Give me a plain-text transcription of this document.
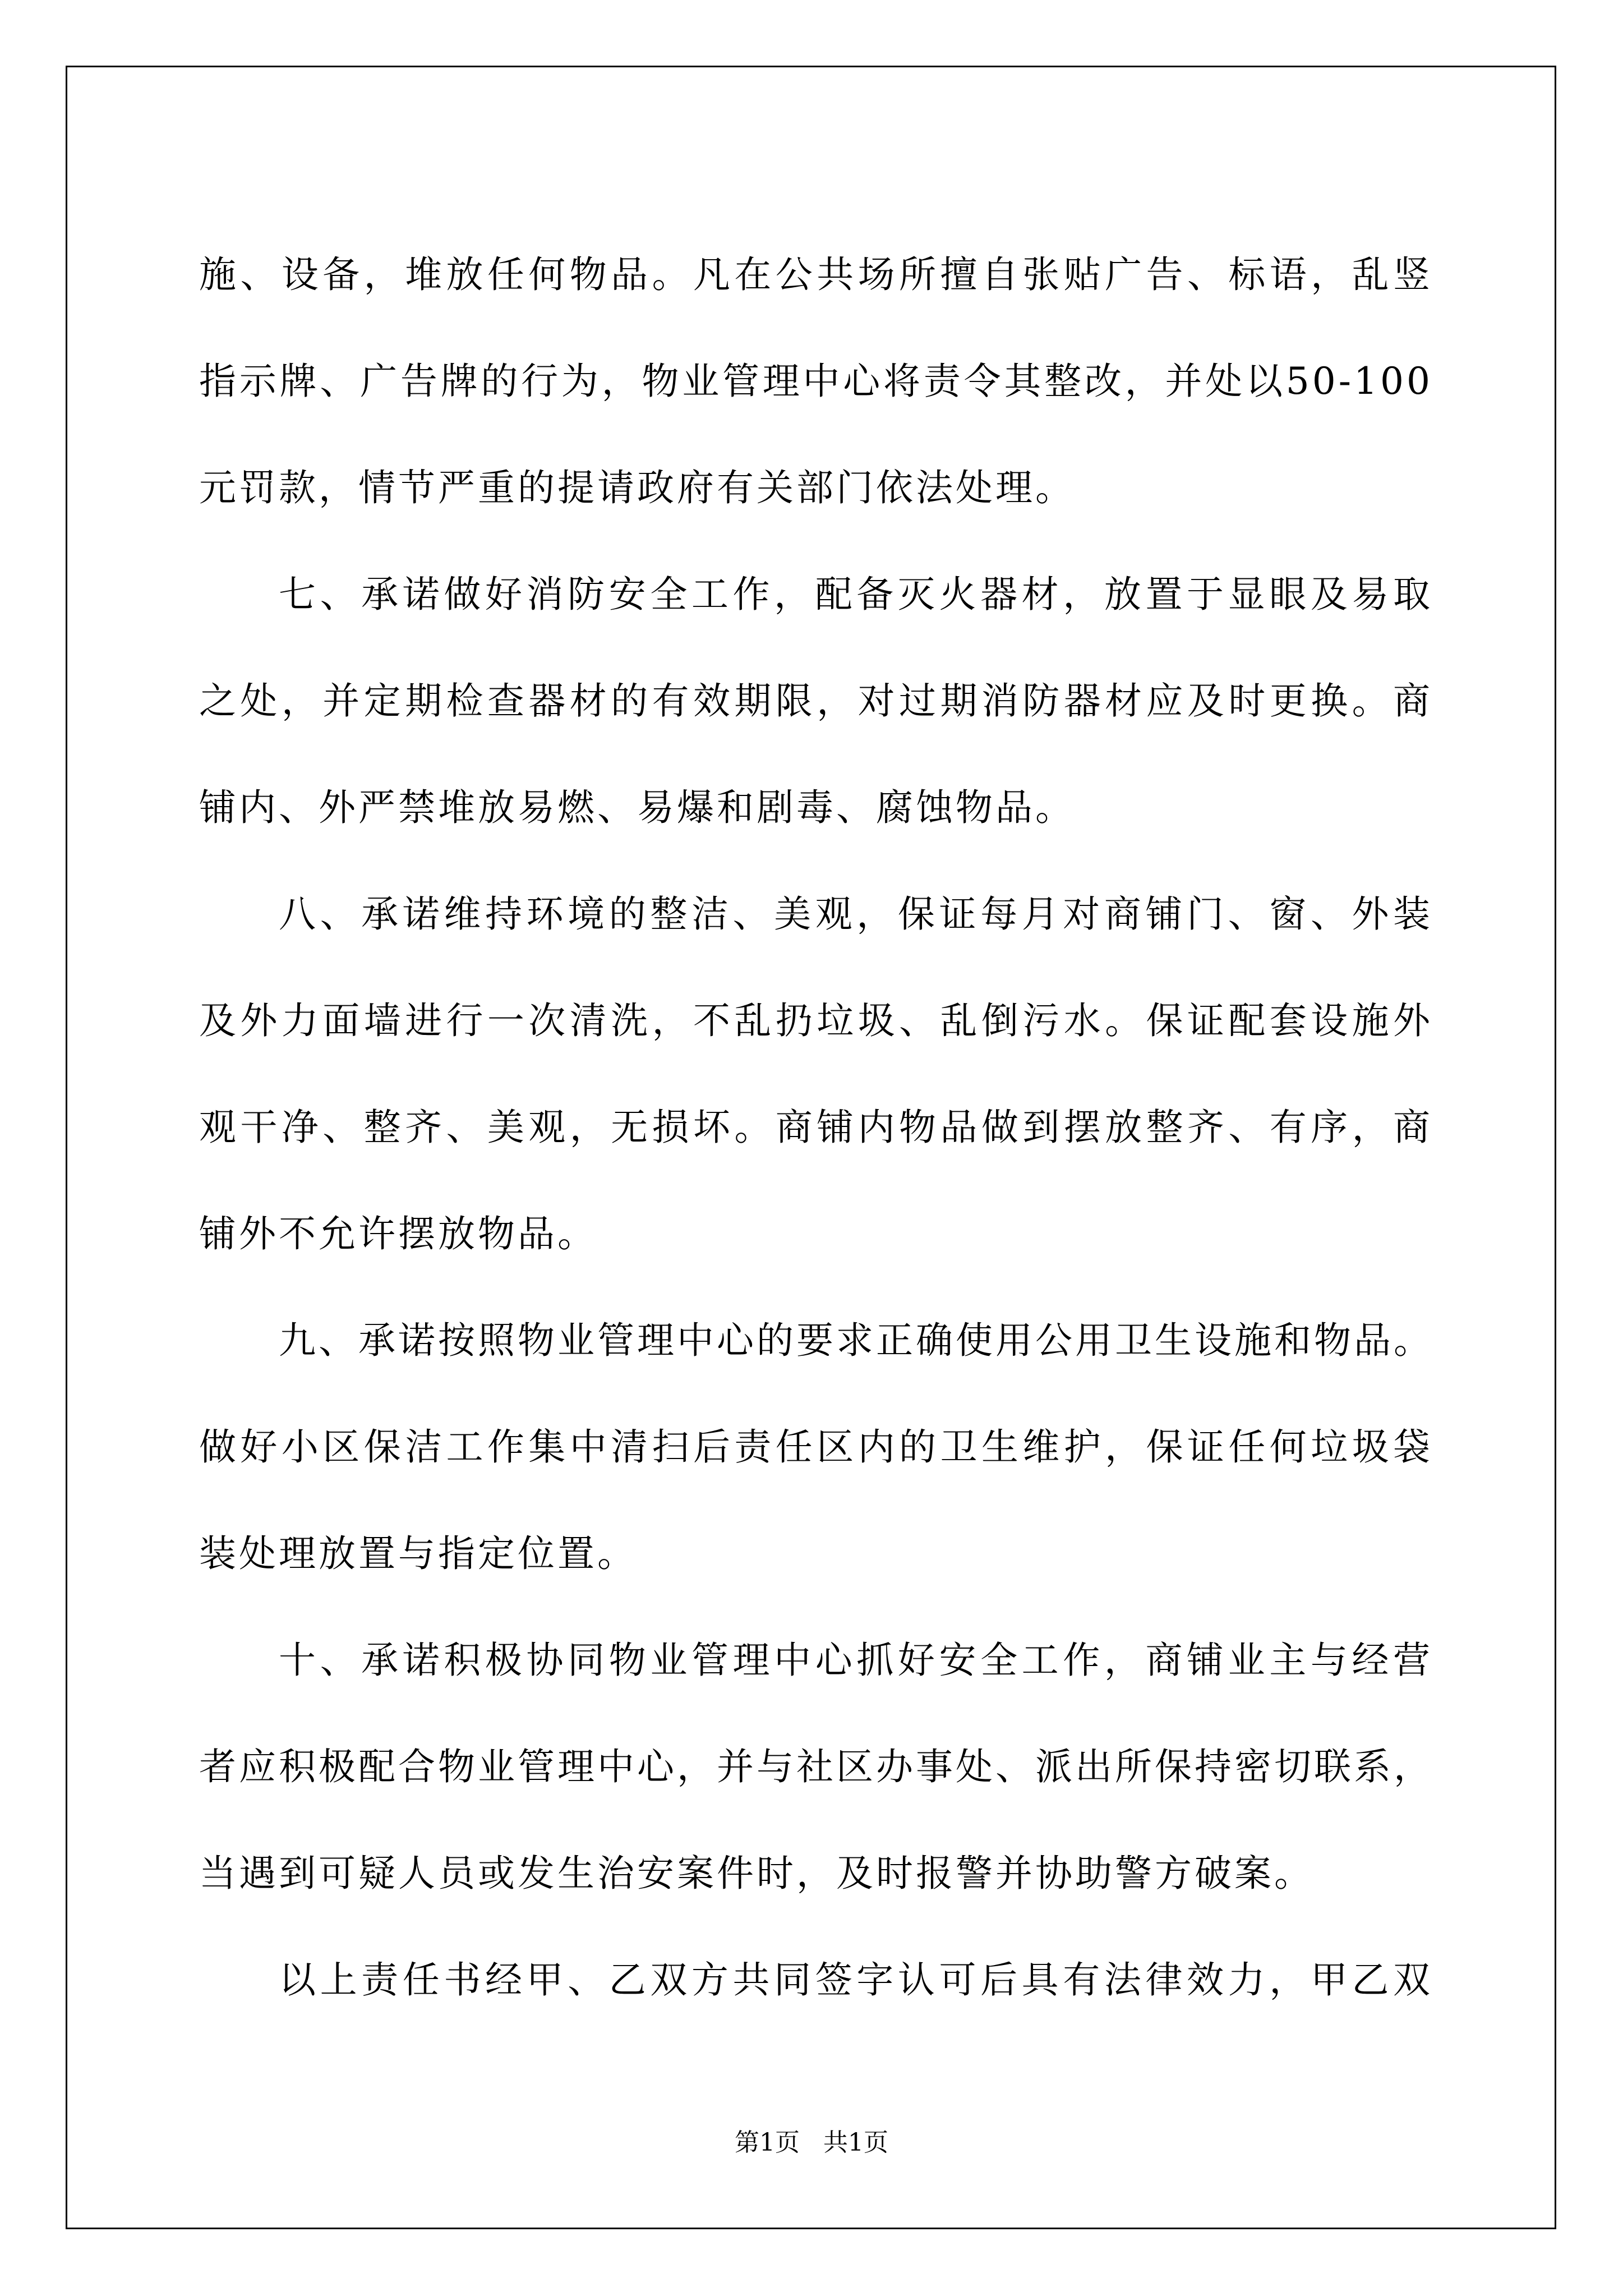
施、设备，堆放任何物品。凡在公共场所擅自张贴广告、标语，乱竖
指示牌、广告牌的行为，物业管理中心将责令其整改，并处以50-100
元罚款，情节严重的提请政府有关部门依法处理。
七、承诺做好消防安全工作，配备灭火器材，放置于显眼及易取
之处，并定期检查器材的有效期限，对过期消防器材应及时更换。商
铺内、外严禁堆放易燃、易爆和剧毒、腐蚀物品。
八、承诺维持环境的整洁、美观，保证每月对商铺门、窗、外装
及外力面墙进行一次清洗，不乱扔垃圾、乱倒污水。保证配套设施外
观干净、整齐、美观，无损坏。商铺内物品做到摆放整齐、有序，商
铺外不允许摆放物品。
九、承诺按照物业管理中心的要求正确使用公用卫生设施和物品。
做好小区保洁工作集中清扫后责任区内的卫生维护，保证任何垃圾袋
装处理放置与指定位置。
十、承诺积极协同物业管理中心抓好安全工作，商铺业主与经营
者应积极配合物业管理中心，并与社区办事处、派出所保持密切联系，
当遇到可疑人员或发生治安案件时，及时报警并协助警方破案。
以上责任书经甲、乙双方共同签字认可后具有法律效力，甲乙双
第1页   共1页
